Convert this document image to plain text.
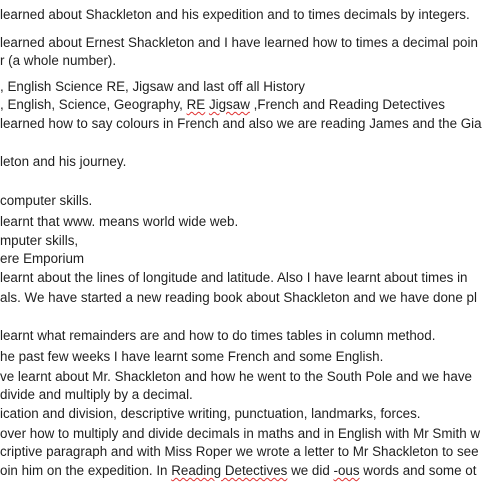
learned about Shackleton and his expedition and to times decimals by integers.
learned about Ernest Shackleton and I have learned how to times a decimal poin
r (a whole number).
, English Science RE, Jigsaw and last off all History
, English, Science, Geography, RE Jigsaw ,French and Reading Detectives
learned how to say colours in French and also we are reading James and the Gia
leton and his journey.
computer skills.
learnt that www. means world wide web.
mputer skills,
ere Emporium
learnt about the lines of longitude and latitude. Also I have learnt about times in
als. We have started a new reading book about Shackleton and we have done pl
learnt what remainders are and how to do times tables in column method.
he past few weeks I have learnt some French and some English.
ve learnt about Mr. Shackleton and how he went to the South Pole and we have
divide and multiply by a decimal.
ication and division, descriptive writing, punctuation, landmarks, forces.
over how to multiply and divide decimals in maths and in English with Mr Smith w
criptive paragraph and with Miss Roper we wrote a letter to Mr Shackleton to see
oin him on the expedition. In Reading Detectives we did -ous words and some ot
